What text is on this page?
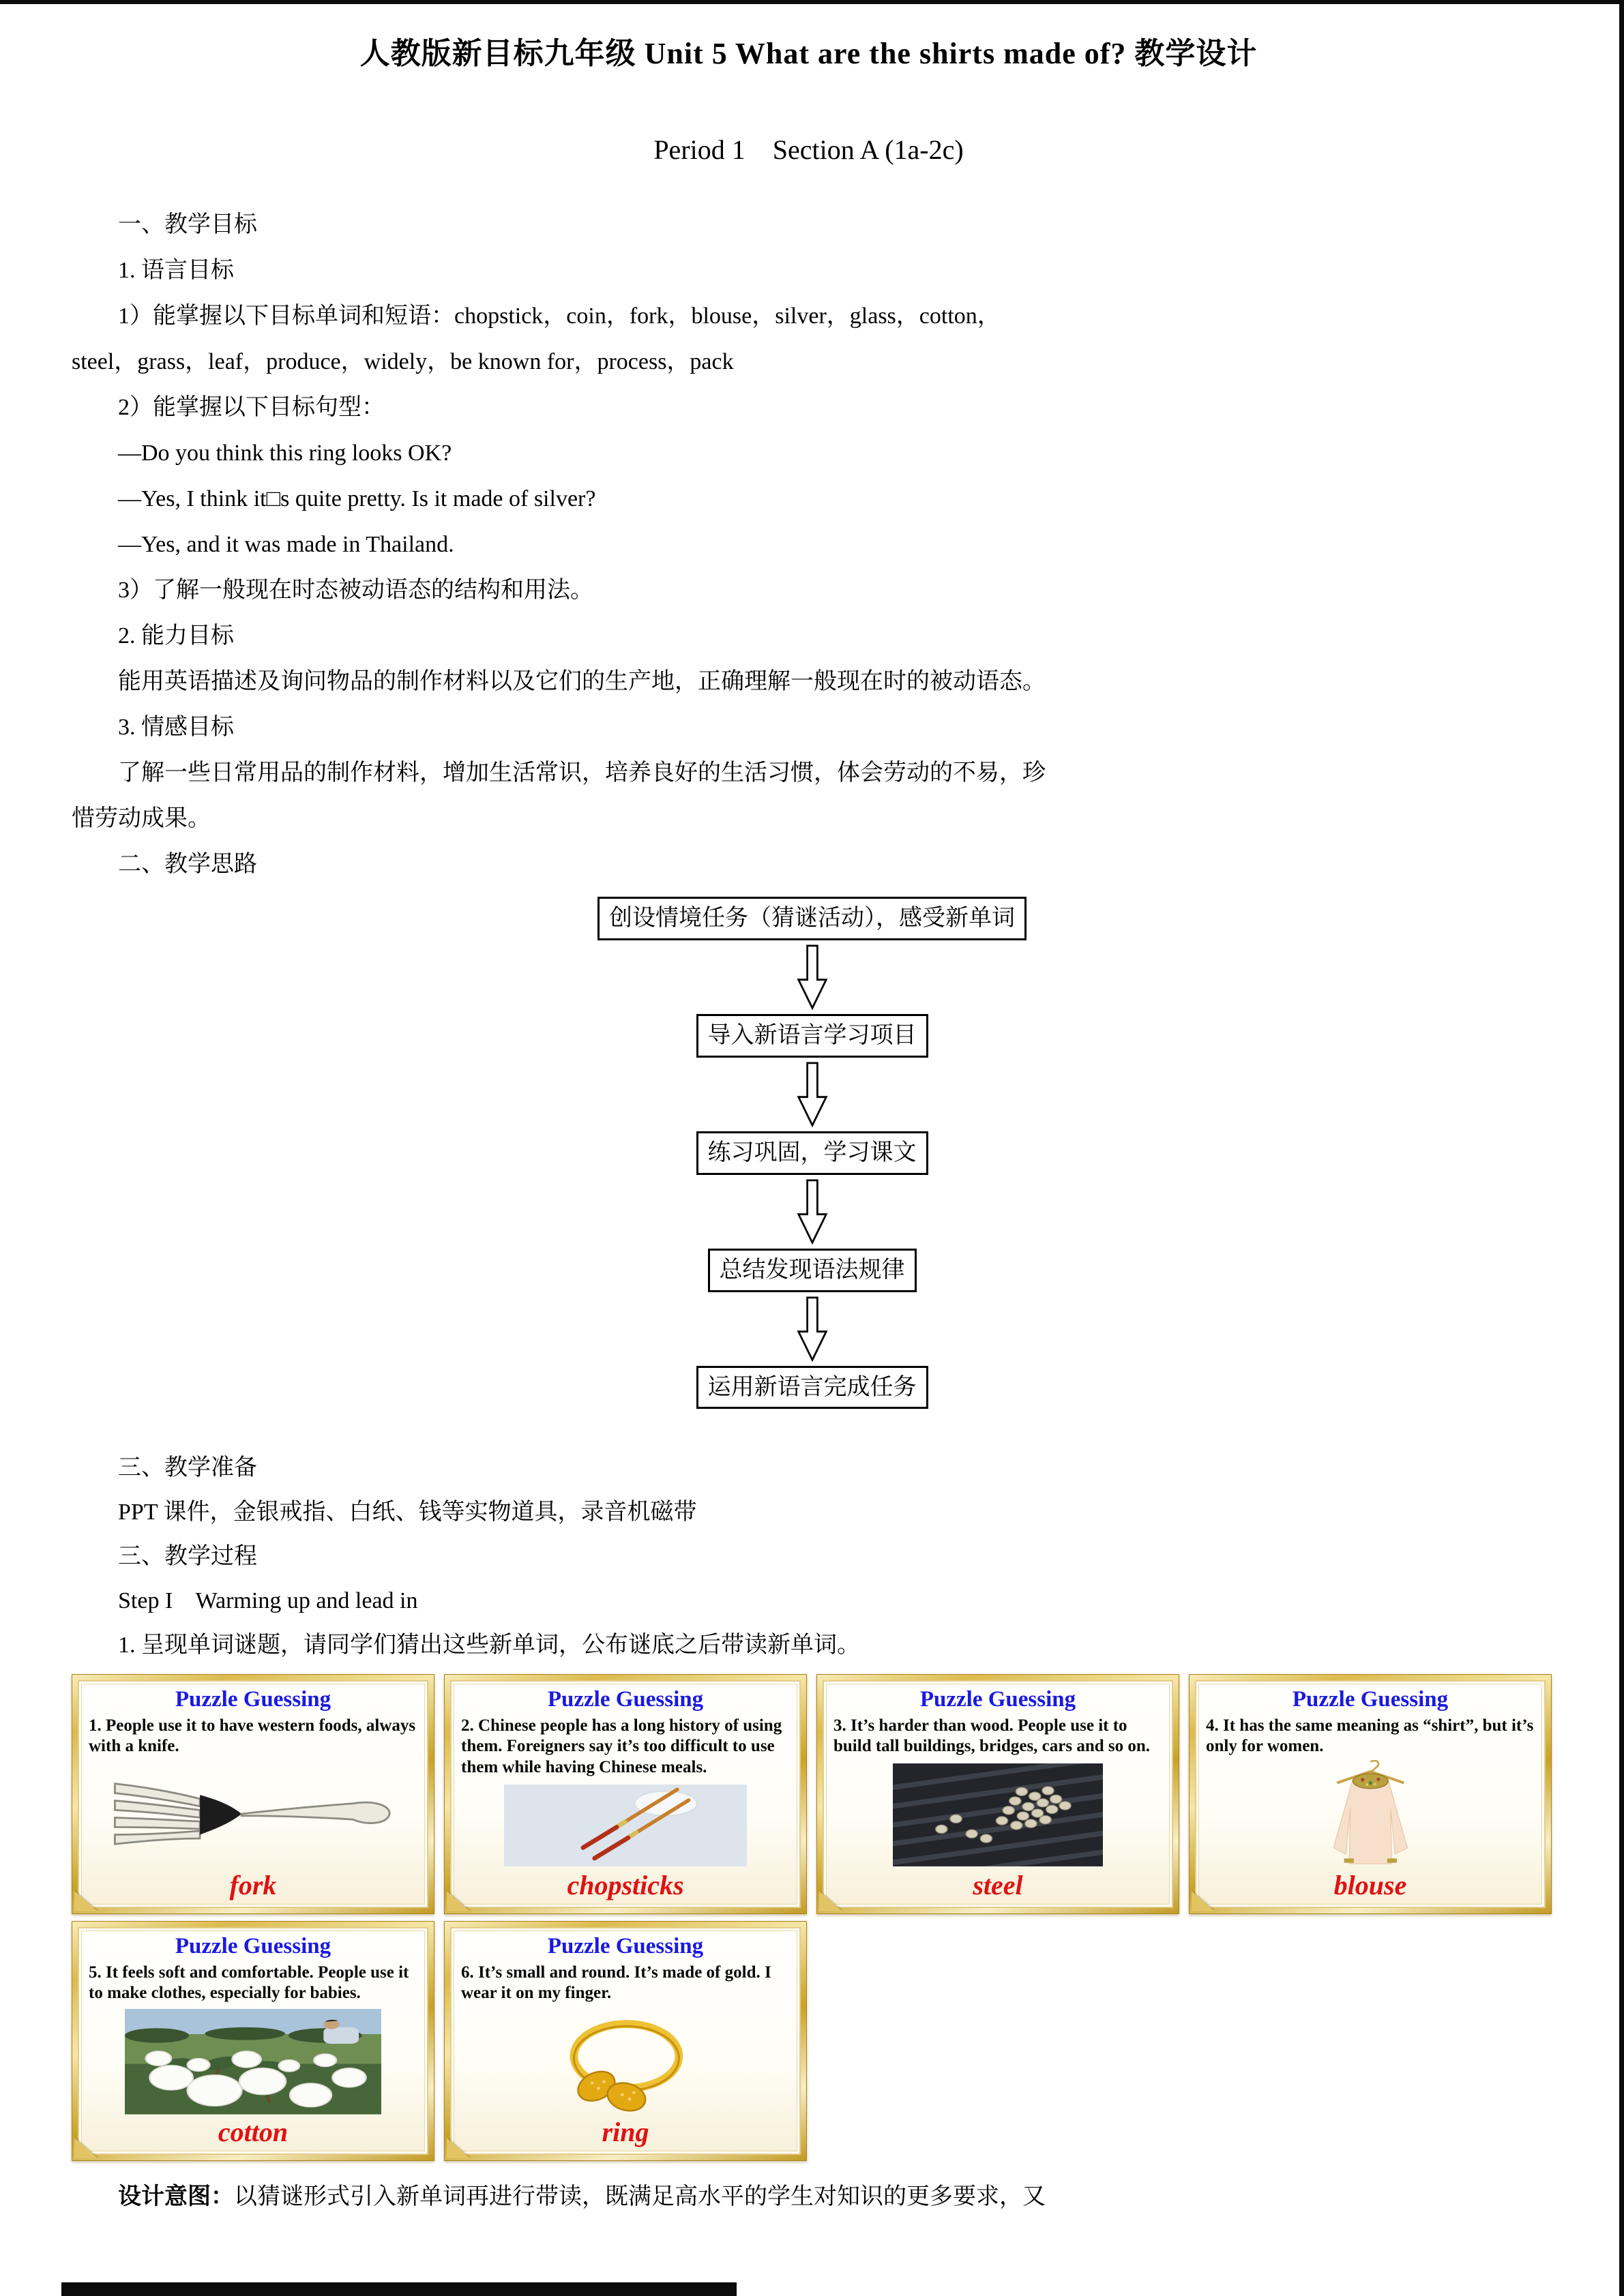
人教版新目标九年级 Unit 5 What are the shirts made of? 教学设计
Period 1    Section A (1a-2c)
一、教学目标
1. 语言目标
1）能掌握以下目标单词和短语：chopstick，coin，fork，blouse，silver，glass，cotton，
steel，grass，leaf，produce，widely，be known for，process，pack
2）能掌握以下目标句型：
—Do you think this ring looks OK?
—Yes, I think it□s quite pretty. Is it made of silver?
—Yes, and it was made in Thailand.
3）了解一般现在时态被动语态的结构和用法。
2. 能力目标
能用英语描述及询问物品的制作材料以及它们的生产地，正确理解一般现在时的被动语态。
3. 情感目标
了解一些日常用品的制作材料，增加生活常识，培养良好的生活习惯，体会劳动的不易，珍
惜劳动成果。
二、教学思路
创设情境任务（猜谜活动），感受新单词
导入新语言学习项目
练习巩固，学习课文
总结发现语法规律
运用新语言完成任务
三、教学准备
PPT 课件，金银戒指、白纸、钱等实物道具，录音机磁带
三、教学过程
Step I    Warming up and lead in
1. 呈现单词谜题，请同学们猜出这些新单词，公布谜底之后带读新单词。
Puzzle Guessing
1. People use it to have western foods, always with a knife.
fork
Puzzle Guessing
2. Chinese people has a long history of using them. Foreigners say it’s too difficult to use them while having Chinese meals.
chopsticks
Puzzle Guessing
3. It’s harder than wood. People use it to build tall buildings, bridges, cars and so on.
steel
Puzzle Guessing
4. It has the same meaning as “shirt”, but it’s only for women.
blouse
Puzzle Guessing
5. It feels soft and comfortable. People use it to make clothes, especially for babies.
cotton
Puzzle Guessing
6. It’s small and round. It’s made of gold. I wear it on my finger.
ring
设计意图：以猜谜形式引入新单词再进行带读，既满足高水平的学生对知识的更多要求，又
